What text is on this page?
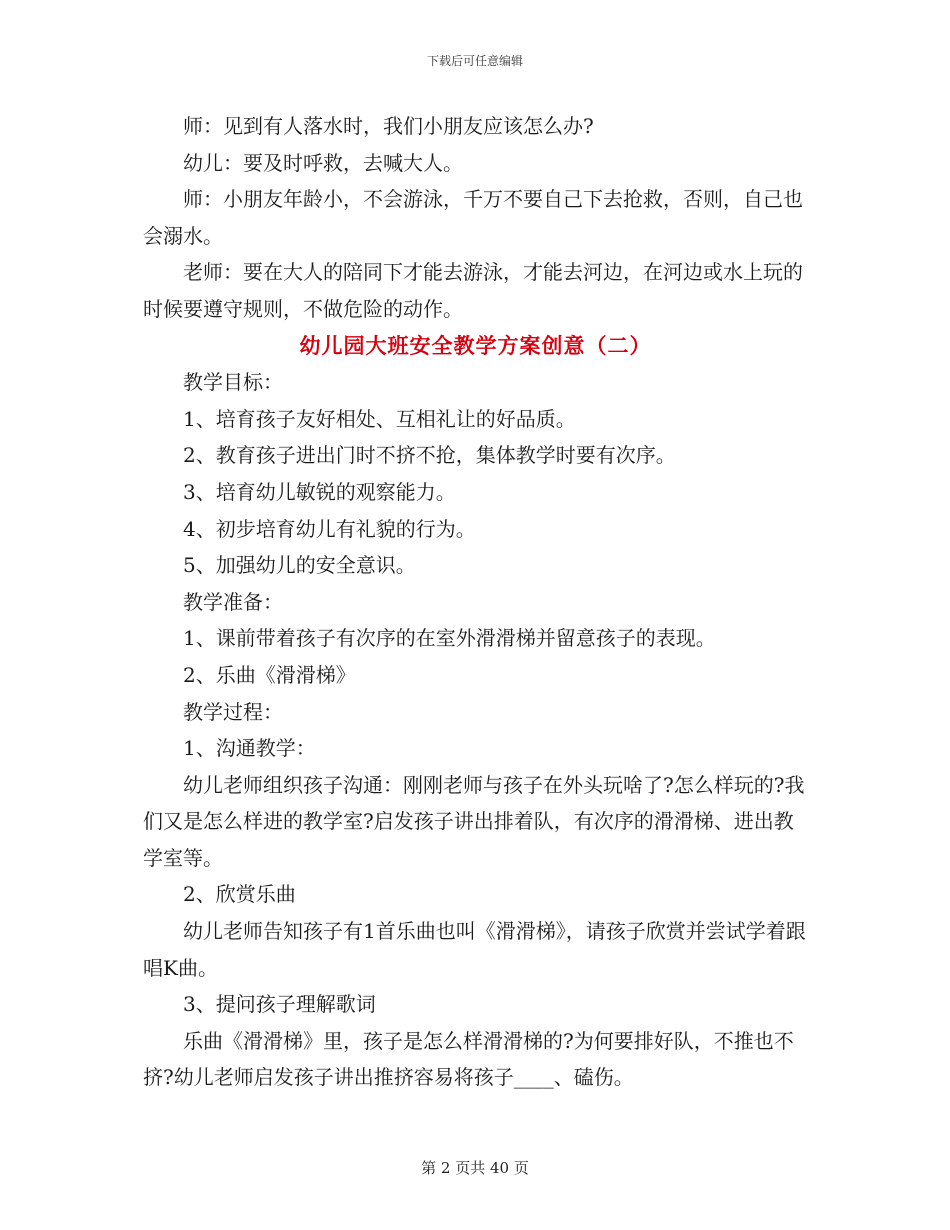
下载后可任意编辑

师：见到有人落水时，我们小朋友应该怎么办?

幼儿：要及时呼救，去喊大人。

师：小朋友年龄小，不会游泳，千万不要自己下去抢救，否则，自己也会溺水。

老师：要在大人的陪同下才能去游泳，才能去河边，在河边或水上玩的时候要遵守规则，不做危险的动作。

幼儿园大班安全教学方案创意（二）

教学目标：

1、培育孩子友好相处、互相礼让的好品质。

2、教育孩子进出门时不挤不抢，集体教学时要有次序。

3、培育幼儿敏锐的观察能力。

4、初步培育幼儿有礼貌的行为。

5、加强幼儿的安全意识。

教学准备：

1、课前带着孩子有次序的在室外滑滑梯并留意孩子的表现。

2、乐曲《滑滑梯》

教学过程：

1、沟通教学：

幼儿老师组织孩子沟通：刚刚老师与孩子在外头玩啥了?怎么样玩的?我们又是怎么样进的教学室?启发孩子讲出排着队，有次序的滑滑梯、进出教学室等。

2、欣赏乐曲

幼儿老师告知孩子有1首乐曲也叫《滑滑梯》，请孩子欣赏并尝试学着跟唱K曲。

3、提问孩子理解歌词

乐曲《滑滑梯》里，孩子是怎么样滑滑梯的?为何要排好队，不推也不挤?幼儿老师启发孩子讲出推挤容易将孩子____、磕伤。

第 2 页共 40 页
